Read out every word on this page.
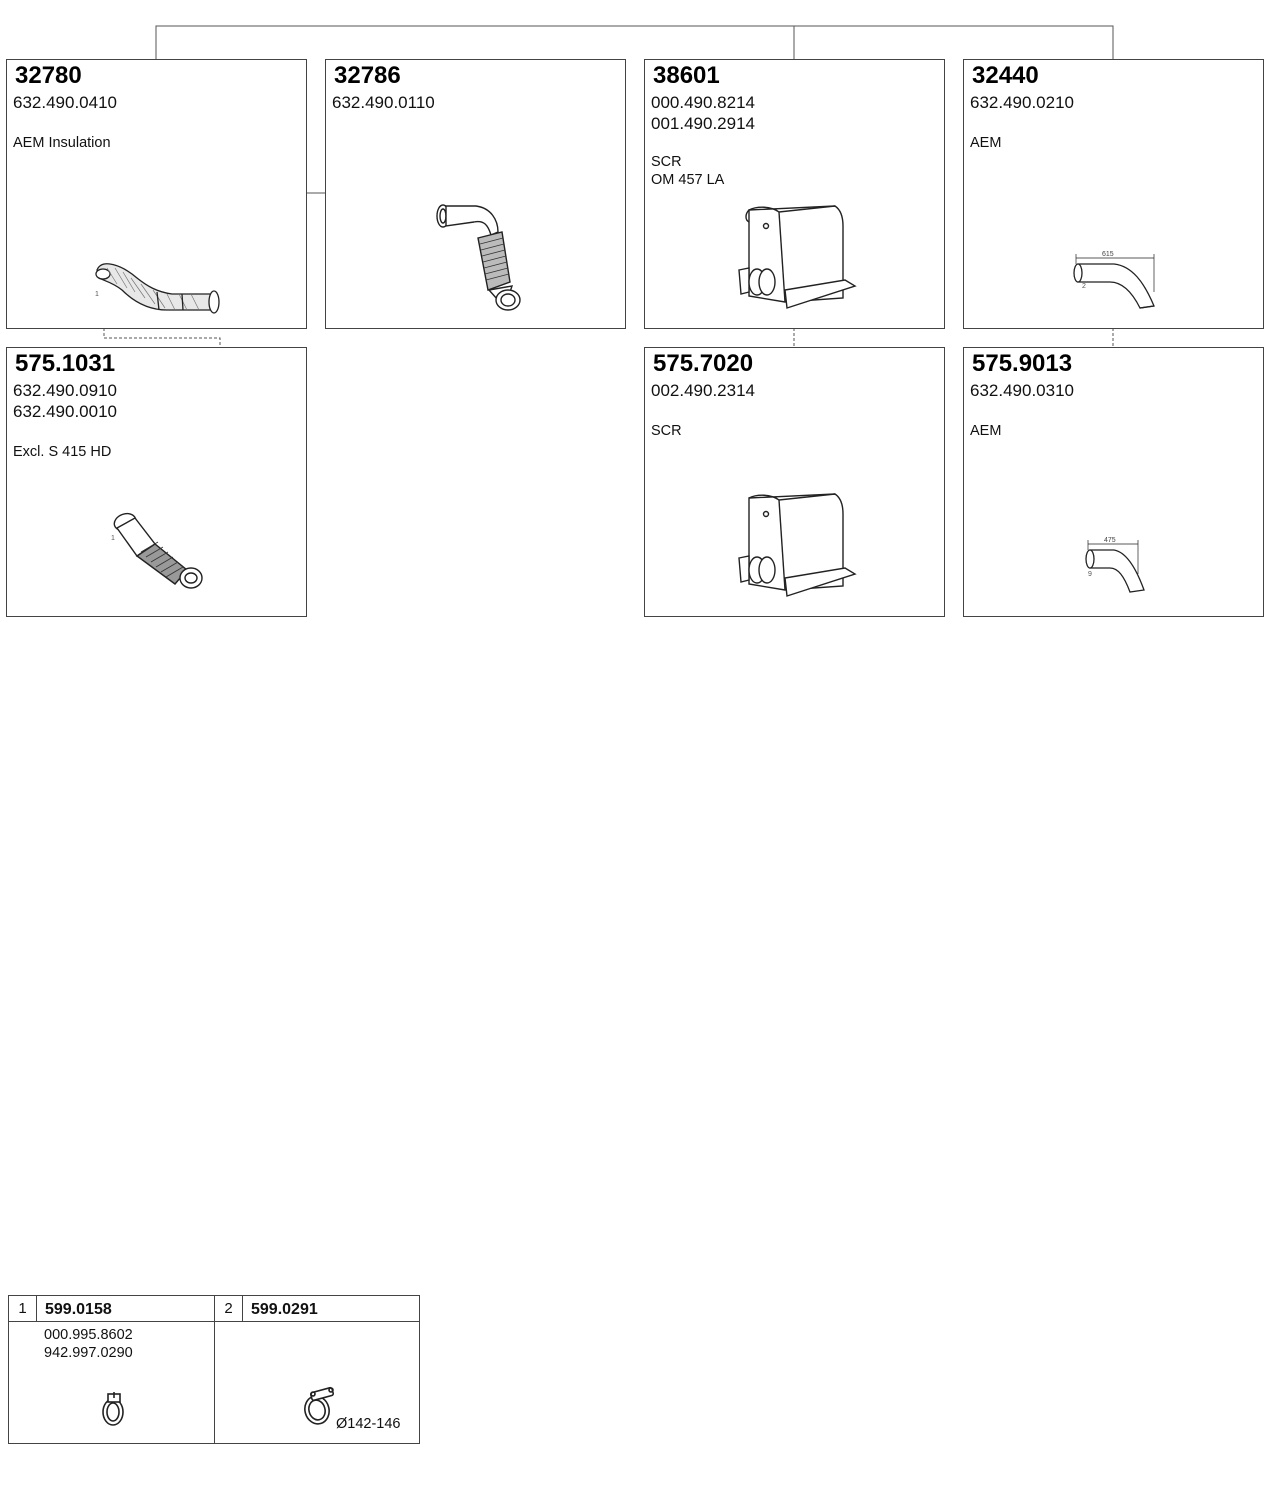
32780
632.490.0410
AEM Insulation
1
32786
632.490.0110
38601
000.490.8214
001.490.2914
SCR
OM 457 LA
32440
632.490.0210
AEM
615
2
575.1031
632.490.0910
632.490.0010
Excl. S 415 HD
1
575.7020
002.490.2314
SCR
575.9013
632.490.0310
AEM
475
9
1	599.0158
000.995.8602
942.997.0290
2	599.0291
Ø142-146
